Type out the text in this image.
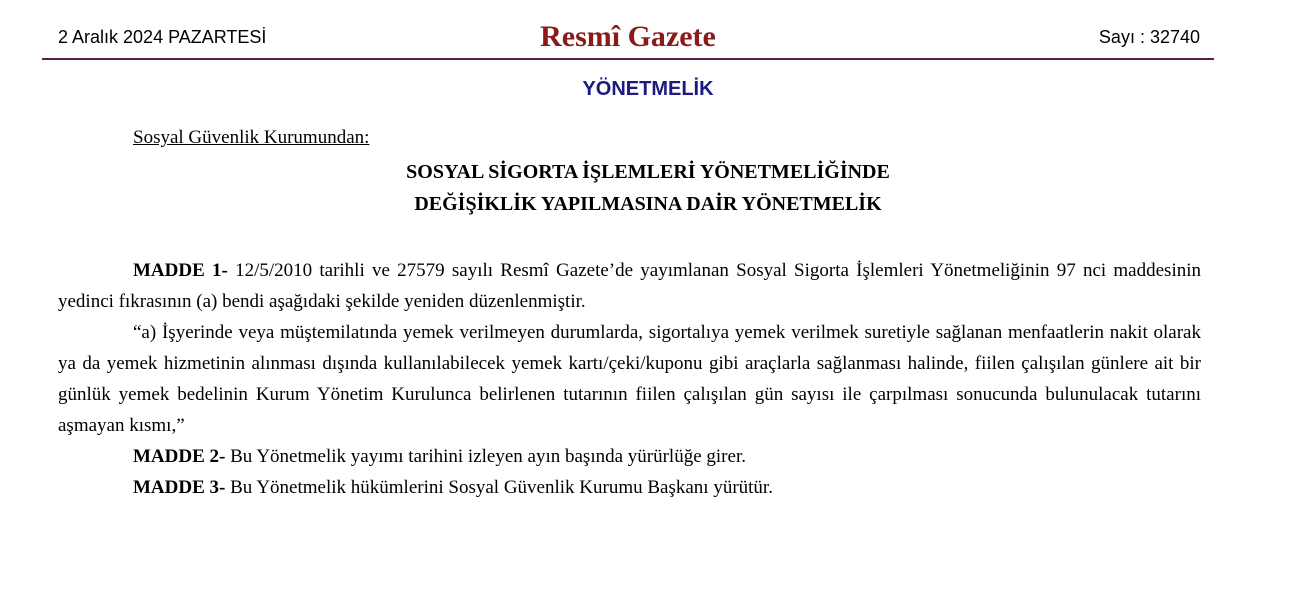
2 Aralık 2024 PAZARTESİ	Resmî Gazete	Sayı : 32740
YÖNETMELİK
Sosyal Güvenlik Kurumundan:
SOSYAL SİGORTA İŞLEMLERİ YÖNETMELİĞİNDE
DEĞİŞİKLİK YAPILMASINA DAİR YÖNETMELİK

MADDE 1- 12/5/2010 tarihli ve 27579 sayılı Resmî Gazete’de yayımlanan Sosyal Sigorta İşlemleri Yönetmeliğinin 97 nci maddesinin yedinci fıkrasının (a) bendi aşağıdaki şekilde yeniden düzenlenmiştir.

“a) İşyerinde veya müştemilatında yemek verilmeyen durumlarda, sigortalıya yemek verilmek suretiyle sağlanan menfaatlerin nakit olarak ya da yemek hizmetinin alınması dışında kullanılabilecek yemek kartı/çeki/kuponu gibi araçlarla sağlanması halinde, fiilen çalışılan günlere ait bir günlük yemek bedelinin Kurum Yönetim Kurulunca belirlenen tutarının fiilen çalışılan gün sayısı ile çarpılması sonucunda bulunulacak tutarını aşmayan kısmı,”

MADDE 2- Bu Yönetmelik yayımı tarihini izleyen ayın başında yürürlüğe girer.

MADDE 3- Bu Yönetmelik hükümlerini Sosyal Güvenlik Kurumu Başkanı yürütür.
